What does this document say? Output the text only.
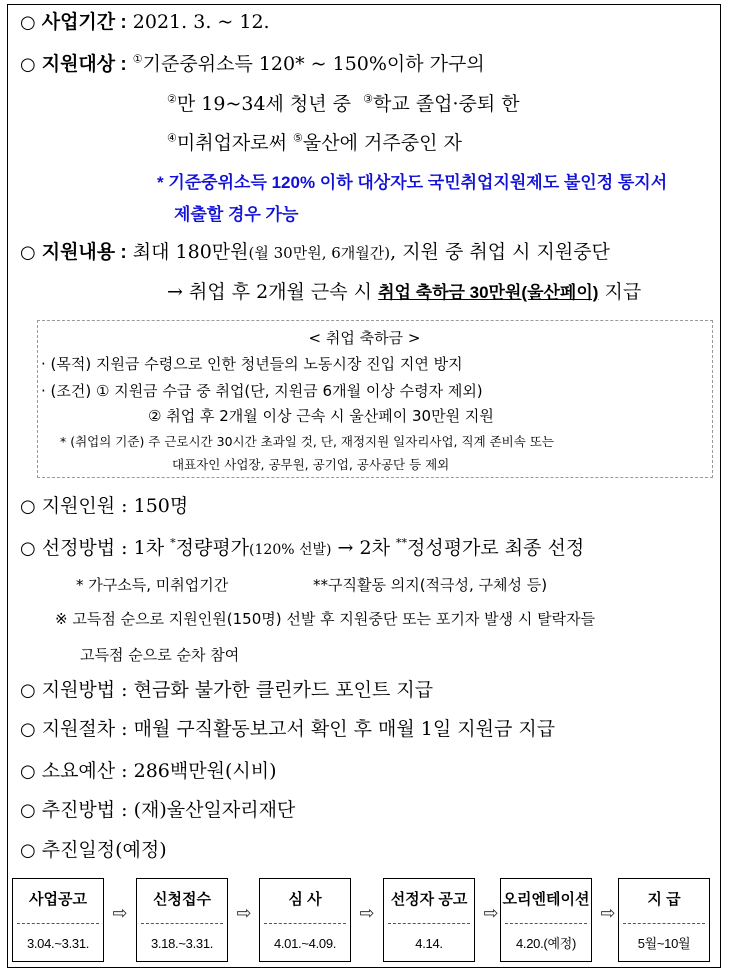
○ 사업기간 : 2021. 3. ~ 12.
○ 지원대상 : ①기준중위소득 120* ~ 150%이하 가구의
②만 19~34세 청년 중 ③학교 졸업·중퇴 한
④미취업자로써 ⑤울산에 거주중인 자
* 기준중위소득 120% 이하 대상자도 국민취업지원제도 불인정 통지서
제출할 경우 가능
○ 지원내용 : 최대 180만원(월 30만원, 6개월간), 지원 중 취업 시 지원중단
→ 취업 후 2개월 근속 시 취업 축하금 30만원(울산페이) 지급
< 취업 축하금 >
· (목적) 지원금 수령으로 인한 청년들의 노동시장 진입 지연 방지
· (조건) ① 지원금 수급 중 취업(단, 지원금 6개월 이상 수령자 제외)
② 취업 후 2개월 이상 근속 시 울산페이 30만원 지원
* (취업의 기준) 주 근로시간 30시간 초과일 것, 단, 재정지원 일자리사업, 직계 존비속 또는
대표자인 사업장, 공무원, 공기업, 공사공단 등 제외
○ 지원인원 : 150명
○ 선정방법 : 1차 *정량평가(120% 선발) → 2차 **정성평가로 최종 선정
* 가구소득, 미취업기간	**구직활동 의지(적극성, 구체성 등)
※ 고득점 순으로 지원인원(150명) 선발 후 지원중단 또는 포기자 발생 시 탈락자들
고득점 순으로 순차 참여
○ 지원방법 : 현금화 불가한 클린카드 포인트 지급
○ 지원절차 : 매월 구직활동보고서 확인 후 매월 1일 지원금 지급
○ 소요예산 : 286백만원(시비)
○ 추진방법 : (재)울산일자리재단
○ 추진일정(예정)
사업공고
3.04.~3.31.
⇨
신청접수
3.18.~3.31.
⇨
심 사
4.01.~4.09.
⇨
선정자 공고
4.14.
⇨
오리엔테이션
4.20.(예정)
⇨
지 급
5월~10월
